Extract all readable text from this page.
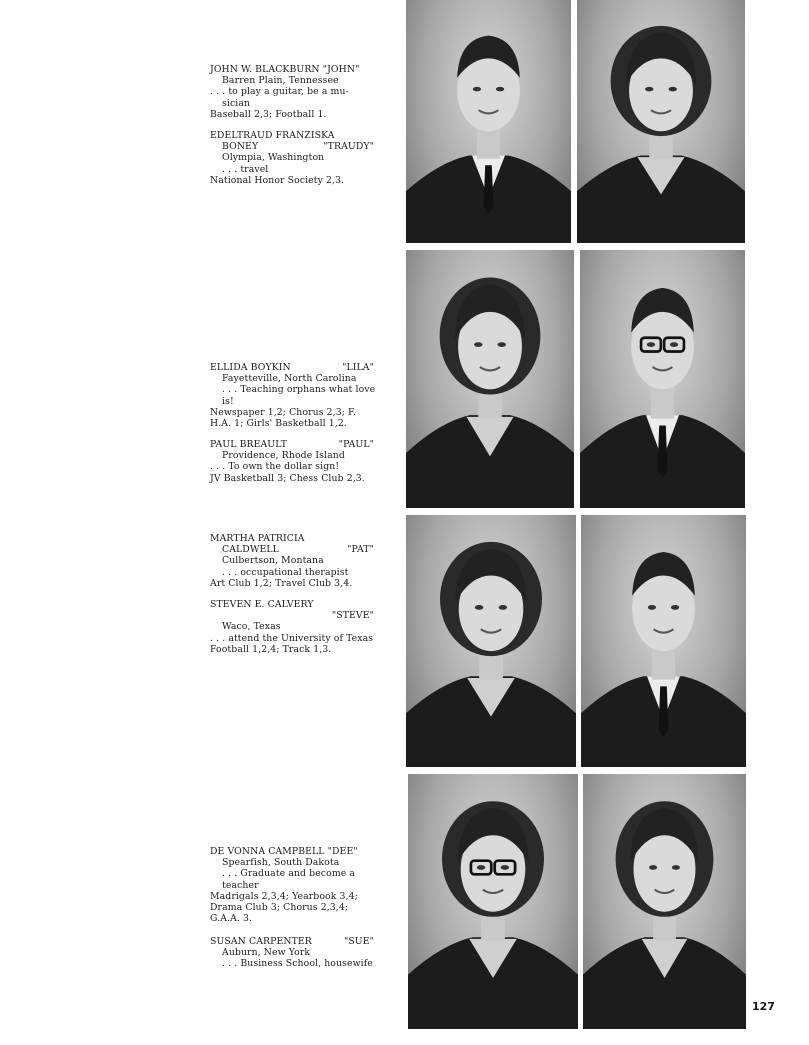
JOHN W. BLACKBURN "JOHN"
Barren Plain, Tennessee
. . . to play a guitar, be a mu-
sician
Baseball 2,3; Football 1.
EDELTRAUD FRANZISKA
BONEY	"TRAUDY"
Olympia, Washington
. . . travel
National Honor Society 2,3.
ELLIDA BOYKIN	"LILA"
Fayetteville, North Carolina
. . . Teaching orphans what love
is!
Newspaper 1,2; Chorus 2,3; F.
H.A. 1; Girls' Basketball 1,2.
PAUL BREAULT	"PAUL"
Providence, Rhode Island
. . . To own the dollar sign!
JV Basketball 3; Chess Club 2,3.
MARTHA PATRICIA
CALDWELL	"PAT"
Culbertson, Montana
. . . occupational therapist
Art Club 1,2; Travel Club 3,4.
STEVEN E. CALVERY
"STEVE"
Waco, Texas
. . . attend the University of Texas
Football 1,2,4; Track 1,3.
DE VONNA CAMPBELL "DEE"
Spearfish, South Dakota
. . . Graduate and become a
teacher
Madrigals 2,3,4; Yearbook 3,4;
Drama Club 3; Chorus 2,3,4;
G.A.A. 3.
SUSAN CARPENTER	"SUE"
Auburn, New York
. . . Business School, housewife
127
